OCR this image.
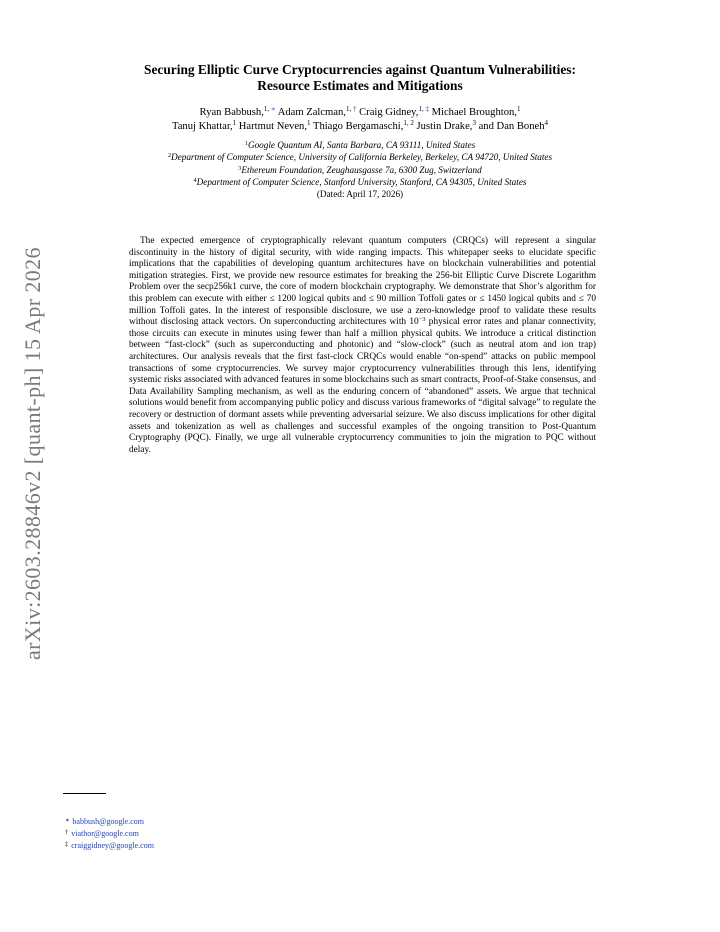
arXiv:2603.28846v2 [quant-ph] 15 Apr 2026
Securing Elliptic Curve Cryptocurrencies against Quantum Vulnerabilities:
Resource Estimates and Mitigations
Ryan Babbush,$^{1,}$ ∗ Adam Zalcman,$^{1,}$ † Craig Gidney,$^{1,}$ ‡ Michael Broughton,$^1$
Tanuj Khattar,$^1$ Hartmut Neven,$^1$ Thiago Bergamaschi,$^{1, 2}$ Justin Drake,$^3$ and Dan Boneh$^4$
$^1$Google Quantum AI, Santa Barbara, CA 93111, United States
$^2$Department of Computer Science, University of California Berkeley, Berkeley, CA 94720, United States
$^3$Ethereum Foundation, Zeughausgasse 7a, 6300 Zug, Switzerland
$^4$Department of Computer Science, Stanford University, Stanford, CA 94305, United States
(Dated: April 17, 2026)
The expected emergence of cryptographically relevant quantum computers (CRQCs) will represent a singular discontinuity in the history of digital security, with wide ranging impacts. This whitepaper seeks to elucidate specific implications that the capabilities of developing quantum architectures have on blockchain vulnerabilities and potential mitigation strategies. First, we provide new resource estimates for breaking the 256-bit Elliptic Curve Discrete Logarithm Problem over the secp256k1 curve, the core of modern blockchain cryptography. We demonstrate that Shor’s algorithm for this problem can execute with either ≤ 1200 logical qubits and ≤ 90 million Toffoli gates or ≤ 1450 logical qubits and ≤ 70 million Toffoli gates. In the interest of responsible disclosure, we use a zero-knowledge proof to validate these results without disclosing attack vectors. On superconducting architectures with $10^{-3}$ physical error rates and planar connectivity, those circuits can execute in minutes using fewer than half a million physical qubits. We introduce a critical distinction between “fast-clock” (such as superconducting and photonic) and “slow-clock” (such as neutral atom and ion trap) architectures. Our analysis reveals that the first fast-clock CRQCs would enable “on-spend” attacks on public mempool transactions of some cryptocurrencies. We survey major cryptocurrency vulnerabilities through this lens, identifying systemic risks associated with advanced features in some blockchains such as smart contracts, Proof-of-Stake consensus, and Data Availability Sampling mechanism, as well as the enduring concern of “abandoned” assets. We argue that technical solutions would benefit from accompanying public policy and discuss various frameworks of “digital salvage” to regulate the recovery or destruction of dormant assets while preventing adversarial seizure. We also discuss implications for other digital assets and tokenization as well as challenges and successful examples of the ongoing transition to Post-Quantum Cryptography (PQC). Finally, we urge all vulnerable cryptocurrency communities to join the migration to PQC without delay.
∗ babbush@google.com
† viathor@google.com
‡ craiggidney@google.com
